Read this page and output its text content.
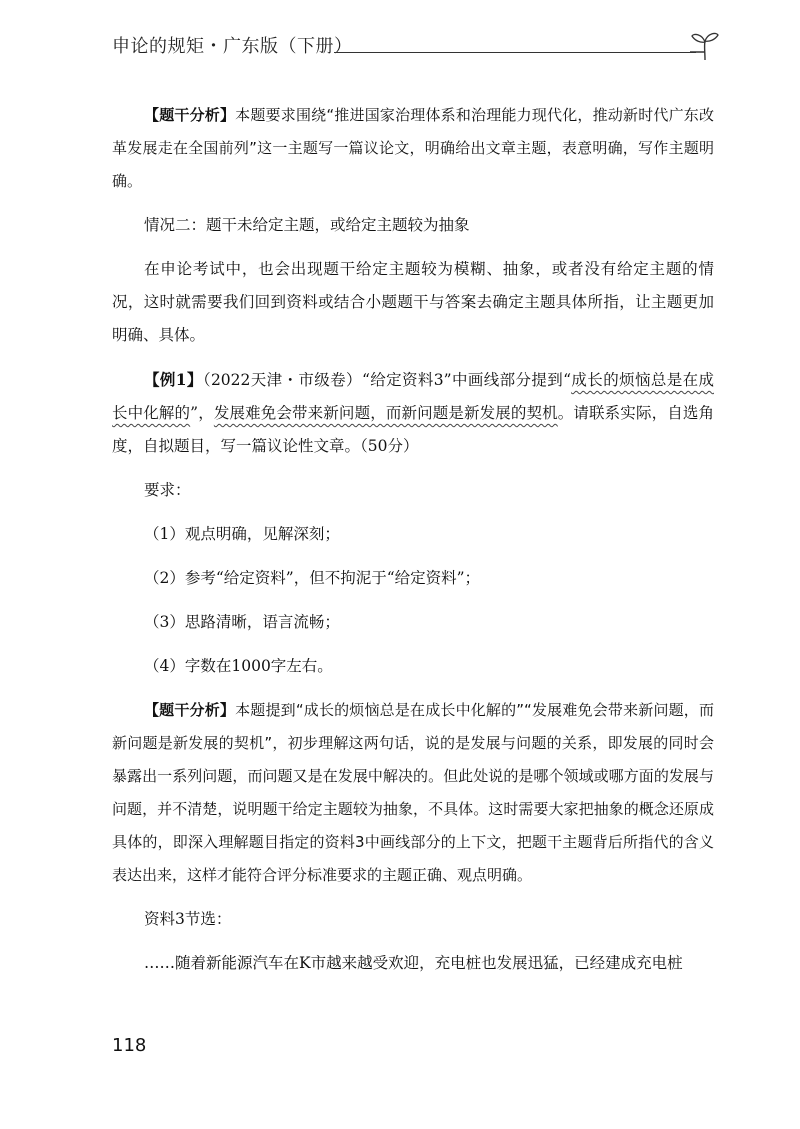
申论的规矩・广东版（下册）

【题干分析】本题要求围绕“推进国家治理体系和治理能力现代化，推动新时代广东改革发展走在全国前列”这一主题写一篇议论文，明确给出文章主题，表意明确，写作主题明确。

情况二：题干未给定主题，或给定主题较为抽象

在申论考试中，也会出现题干给定主题较为模糊、抽象，或者没有给定主题的情况，这时就需要我们回到资料或结合小题题干与答案去确定主题具体所指，让主题更加明确、具体。

【例1】（2022天津・市级卷）“给定资料3”中画线部分提到“成长的烦恼总是在成长中化解的”，发展难免会带来新问题，而新问题是新发展的契机。请联系实际，自选角度，自拟题目，写一篇议论性文章。（50分）

要求：

（1）观点明确，见解深刻；

（2）参考“给定资料”，但不拘泥于“给定资料”；

（3）思路清晰，语言流畅；

（4）字数在1000字左右。

【题干分析】本题提到“成长的烦恼总是在成长中化解的”“发展难免会带来新问题，而新问题是新发展的契机”，初步理解这两句话，说的是发展与问题的关系，即发展的同时会暴露出一系列问题，而问题又是在发展中解决的。但此处说的是哪个领域或哪方面的发展与问题，并不清楚，说明题干给定主题较为抽象，不具体。这时需要大家把抽象的概念还原成具体的，即深入理解题目指定的资料3中画线部分的上下文，把题干主题背后所指代的含义表达出来，这样才能符合评分标准要求的主题正确、观点明确。

资料3节选：

……随着新能源汽车在K市越来越受欢迎，充电桩也发展迅猛，已经建成充电桩

118
